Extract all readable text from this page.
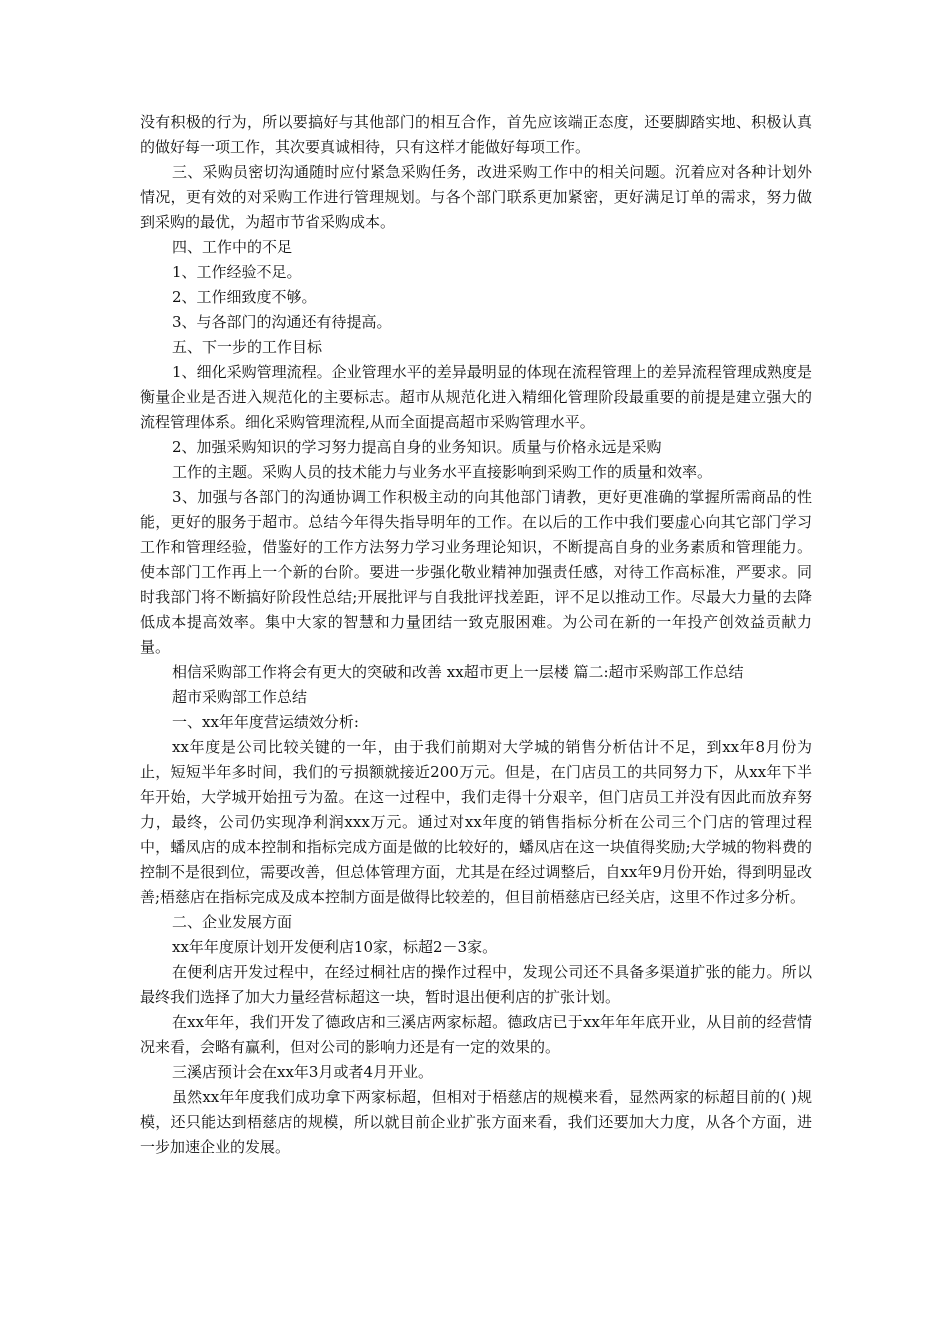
没有积极的行为，所以要搞好与其他部门的相互合作，首先应该端正态度，还要脚踏实地、积极认真的做好每一项工作，其次要真诚相待，只有这样才能做好每项工作。

三、采购员密切沟通随时应付紧急采购任务，改进采购工作中的相关问题。沉着应对各种计划外情况，更有效的对采购工作进行管理规划。与各个部门联系更加紧密，更好满足订单的需求，努力做到采购的最优，为超市节省采购成本。

四、工作中的不足

1、工作经验不足。

2、工作细致度不够。

3、与各部门的沟通还有待提高。

五、下一步的工作目标

1、细化采购管理流程。企业管理水平的差异最明显的体现在流程管理上的差异流程管理成熟度是衡量企业是否进入规范化的主要标志。超市从规范化进入精细化管理阶段最重要的前提是建立强大的流程管理体系。细化采购管理流程,从而全面提高超市采购管理水平。

2、加强采购知识的学习努力提高自身的业务知识。质量与价格永远是采购

工作的主题。采购人员的技术能力与业务水平直接影响到采购工作的质量和效率。

3、加强与各部门的沟通协调工作积极主动的向其他部门请教，更好更准确的掌握所需商品的性能，更好的服务于超市。总结今年得失指导明年的工作。在以后的工作中我们要虚心向其它部门学习工作和管理经验，借鉴好的工作方法努力学习业务理论知识，不断提高自身的业务素质和管理能力。使本部门工作再上一个新的台阶。要进一步强化敬业精神加强责任感，对待工作高标准，严要求。同时我部门将不断搞好阶段性总结;开展批评与自我批评找差距，评不足以推动工作。尽最大力量的去降低成本提高效率。集中大家的智慧和力量团结一致克服困难。为公司在新的一年投产创效益贡献力量。

相信采购部工作将会有更大的突破和改善 xx超市更上一层楼 篇二:超市采购部工作总结

超市采购部工作总结

一、xx年年度营运绩效分析:

xx年度是公司比较关键的一年，由于我们前期对大学城的销售分析估计不足，到xx年8月份为止，短短半年多时间，我们的亏损额就接近200万元。但是，在门店员工的共同努力下，从xx年下半年开始，大学城开始扭亏为盈。在这一过程中，我们走得十分艰辛，但门店员工并没有因此而放弃努力，最终，公司仍实现净利润xxx万元。通过对xx年度的销售指标分析在公司三个门店的管理过程中，蟠凤店的成本控制和指标完成方面是做的比较好的，蟠凤店在这一块值得奖励;大学城的物料费的控制不是很到位，需要改善，但总体管理方面，尤其是在经过调整后，自xx年9月份开始，得到明显改善;梧慈店在指标完成及成本控制方面是做得比较差的，但目前梧慈店已经关店，这里不作过多分析。

二、企业发展方面

xx年年度原计划开发便利店10家，标超2－3家。

在便利店开发过程中，在经过桐社店的操作过程中，发现公司还不具备多渠道扩张的能力。所以最终我们选择了加大力量经营标超这一块，暂时退出便利店的扩张计划。

在xx年年，我们开发了德政店和三溪店两家标超。德政店已于xx年年年底开业，从目前的经营情况来看，会略有赢利，但对公司的影响力还是有一定的效果的。

三溪店预计会在xx年3月或者4月开业。

虽然xx年年度我们成功拿下两家标超，但相对于梧慈店的规模来看，显然两家的标超目前的( )规模，还只能达到梧慈店的规模，所以就目前企业扩张方面来看，我们还要加大力度，从各个方面，进一步加速企业的发展。
